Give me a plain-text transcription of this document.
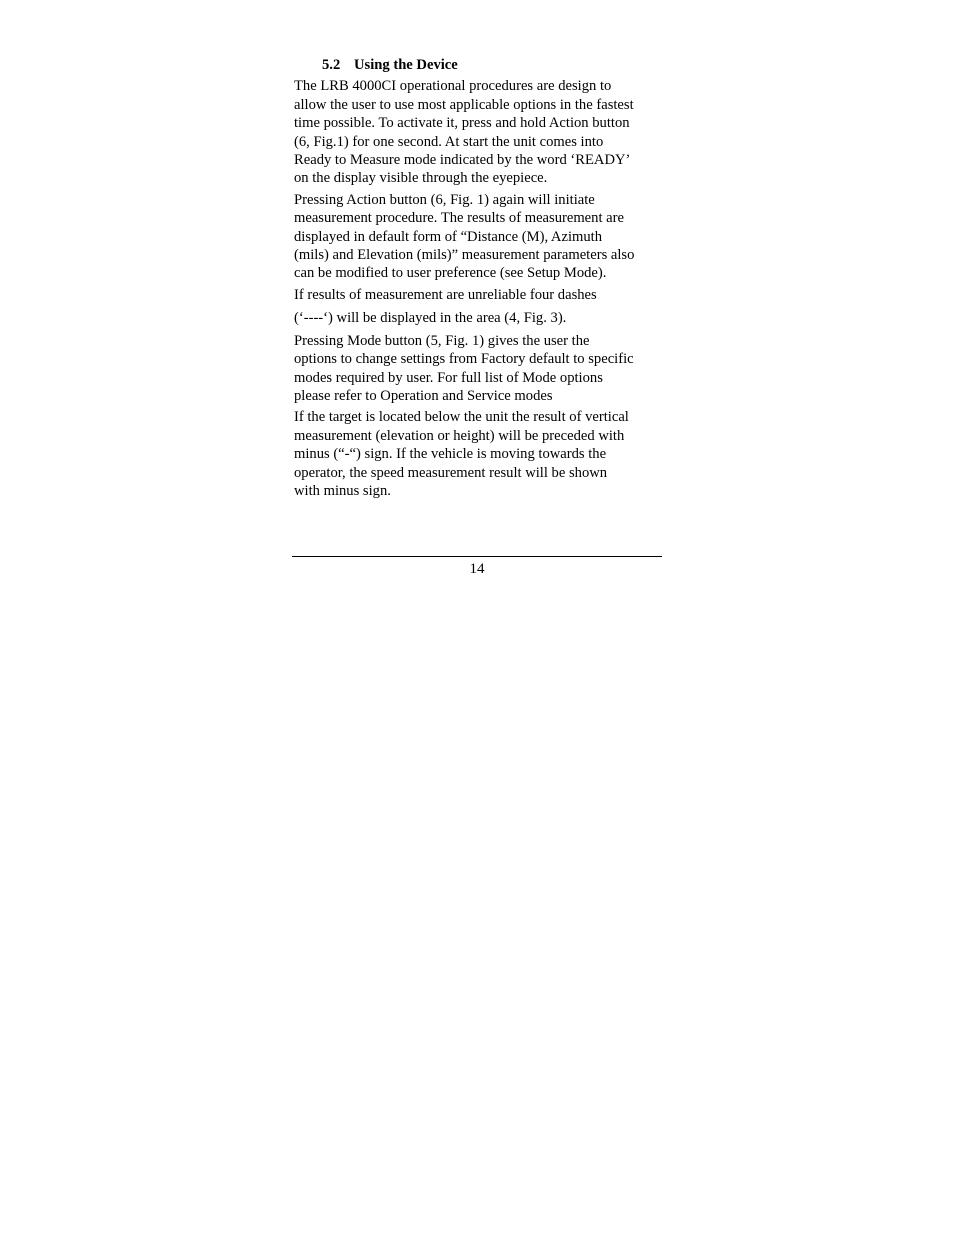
5.2 Using the Device

The LRB 4000CI operational procedures are design to
allow the user to use most applicable options in the fastest
time possible. To activate it, press and hold Action button
(6, Fig.1) for one second. At start the unit comes into
Ready to Measure mode indicated by the word ‘READY’
on the display visible through the eyepiece.

Pressing Action button (6, Fig. 1) again will initiate
measurement procedure. The results of measurement are
displayed in default form of “Distance (M), Azimuth
(mils) and Elevation (mils)” measurement parameters also
can be modified to user preference (see Setup Mode).

If results of measurement are unreliable four dashes

(‘----‘) will be displayed in the area (4, Fig. 3).

Pressing Mode button (5, Fig. 1) gives the user the
options to change settings from Factory default to specific
modes required by user. For full list of Mode options
please refer to Operation and Service modes

If the target is located below the unit the result of vertical
measurement (elevation or height) will be preceded with
minus (“-“) sign. If the vehicle is moving towards the
operator, the speed measurement result will be shown
with minus sign.

14
